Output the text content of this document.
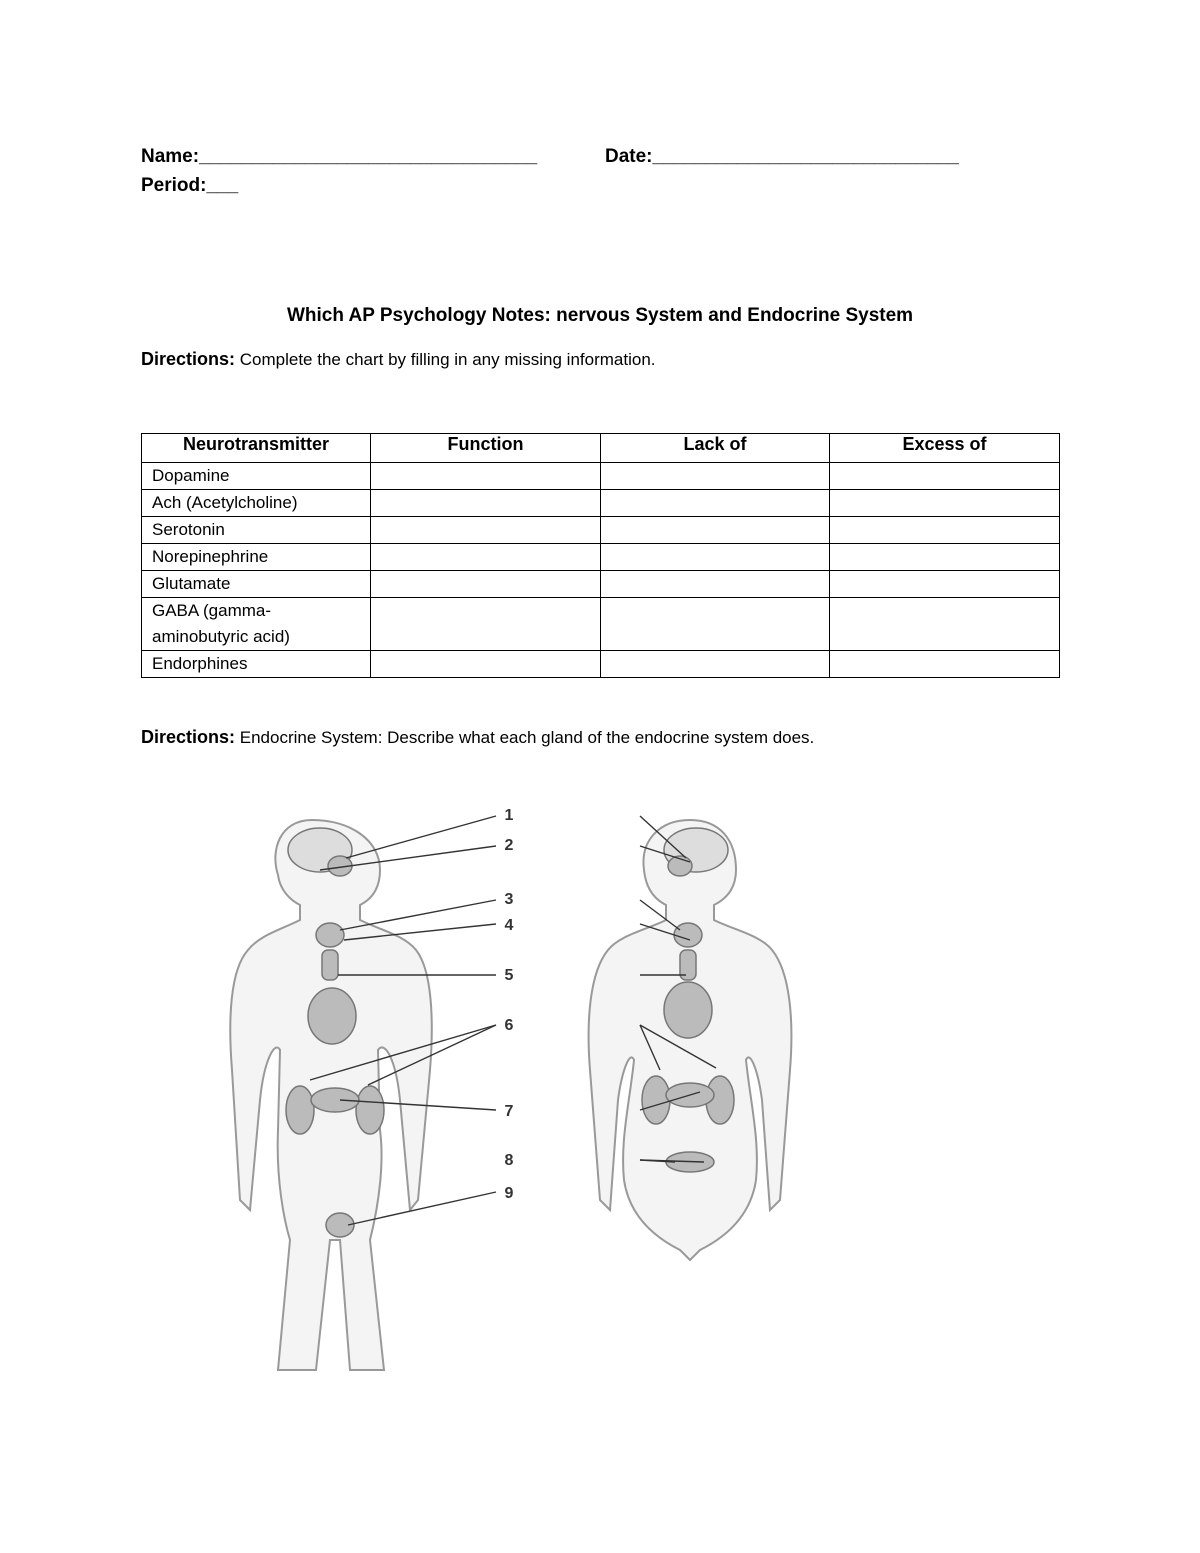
Name:________________________________	Date:_____________________________
Period:___
Which AP Psychology Notes: nervous System and Endocrine System
Directions: Complete the chart by filling in any missing information.
Neurotransmitter	Function	Lack of	Excess of
Dopamine			
Ach (Acetylcholine)			
Serotonin			
Norepinephrine			
Glutamate			
GABA (gamma-aminobutyric acid)			
Endorphines			
Directions: Endocrine System: Describe what each gland of the endocrine system does.
1
2
3
4
5
6
7
8
9
